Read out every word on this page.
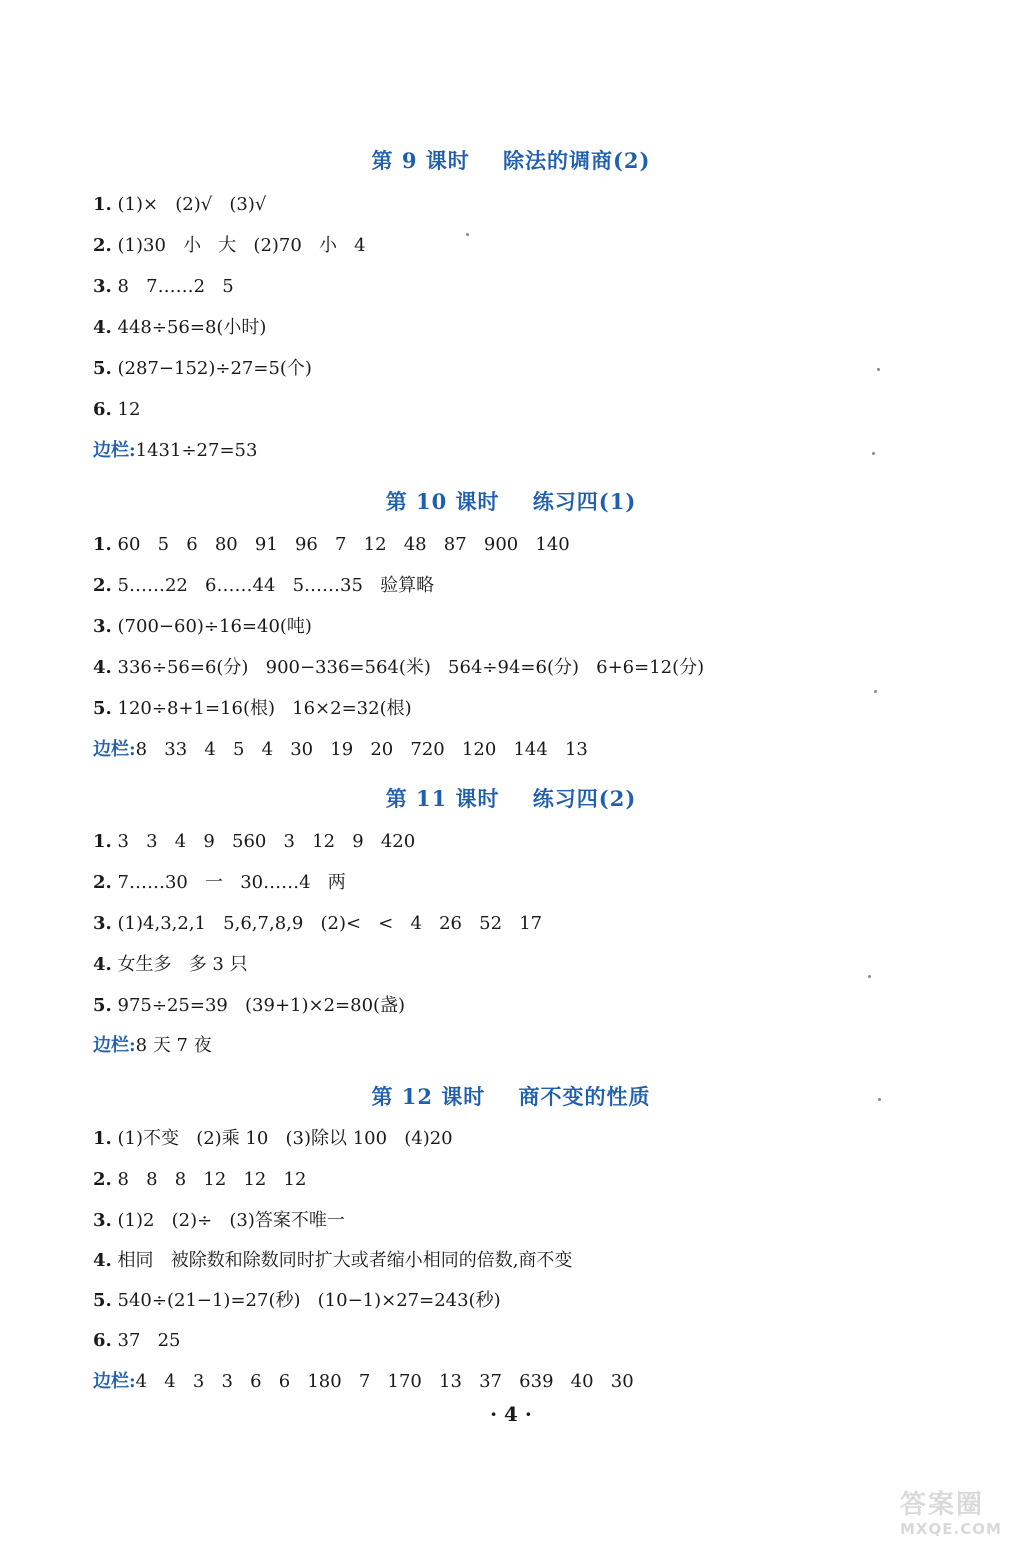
第 9 课时    除法的调商(2)
1. (1)×   (2)√   (3)√
2. (1)30   小   大   (2)70   小   4
3. 8   7……2   5
4. 448÷56=8(小时)
5. (287−152)÷27=5(个)
6. 12
边栏:1431÷27=53
第 10 课时    练习四(1)
1. 60   5   6   80   91   96   7   12   48   87   900   140
2. 5……22   6……44   5……35   验算略
3. (700−60)÷16=40(吨)
4. 336÷56=6(分)   900−336=564(米)   564÷94=6(分)   6+6=12(分)
5. 120÷8+1=16(根)   16×2=32(根)
边栏:8   33   4   5   4   30   19   20   720   120   144   13
第 11 课时    练习四(2)
1. 3   3   4   9   560   3   12   9   420
2. 7……30   一   30……4   两
3. (1)4,3,2,1   5,6,7,8,9   (2)<   <   4   26   52   17
4. 女生多   多 3 只
5. 975÷25=39   (39+1)×2=80(盏)
边栏:8 天 7 夜
第 12 课时    商不变的性质
1. (1)不变   (2)乘 10   (3)除以 100   (4)20
2. 8   8   8   12   12   12
3. (1)2   (2)÷   (3)答案不唯一
4. 相同   被除数和除数同时扩大或者缩小相同的倍数,商不变
5. 540÷(21−1)=27(秒)   (10−1)×27=243(秒)
6. 37   25
边栏:4   4   3   3   6   6   180   7   170   13   37   639   40   30
· 4 ·
答案圈
MXQE.COM
